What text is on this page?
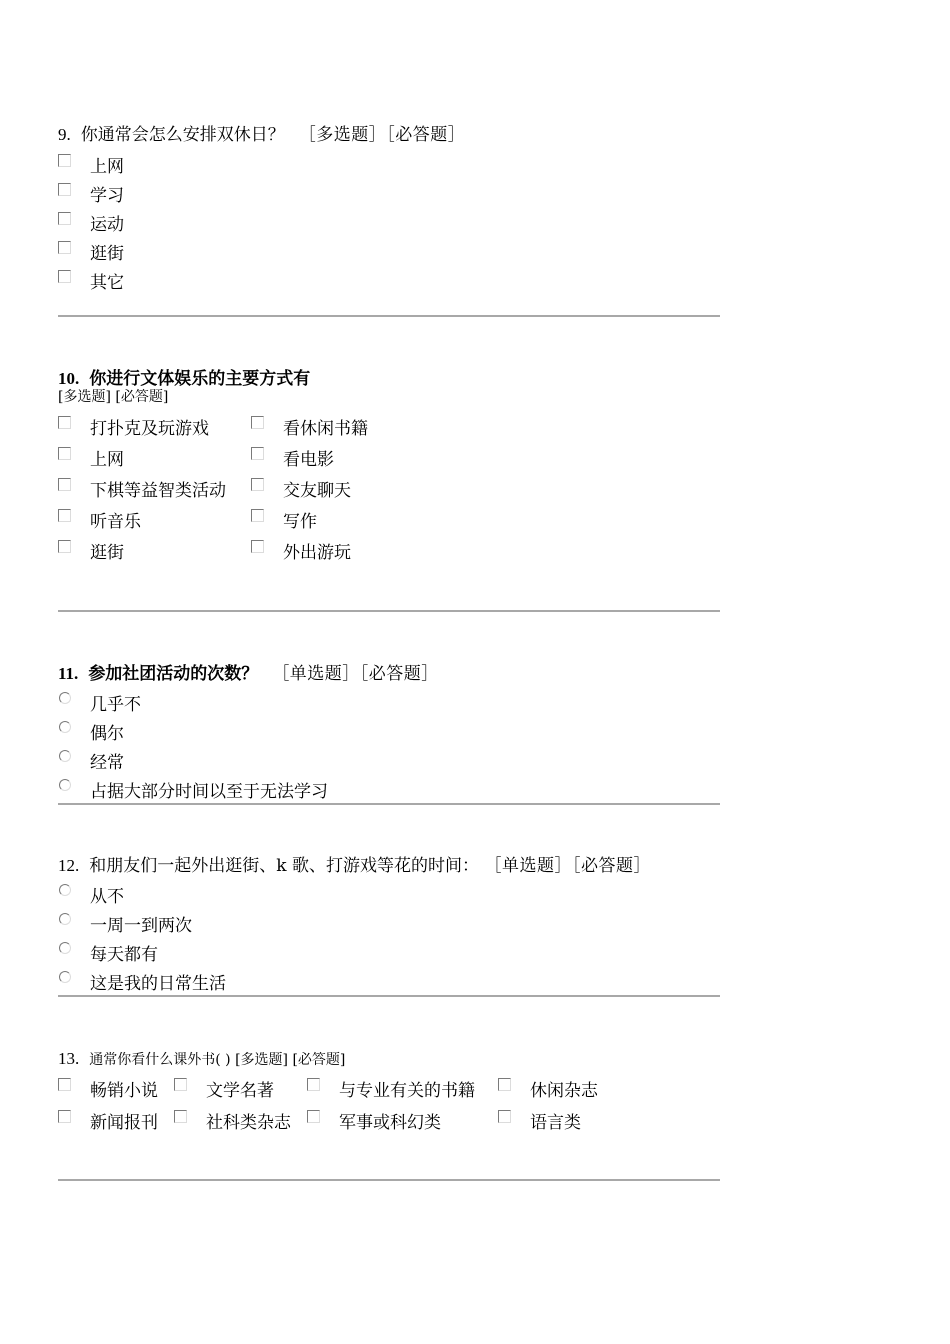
9. 你通常会怎么安排双休日？ ［多选题］［必答题］
上网
学习
运动
逛街
其它
10. 你进行文体娱乐的主要方式有
[多选题] [必答题]
打扑克及玩游戏	看休闲书籍
上网	看电影
下棋等益智类活动	交友聊天
听音乐	写作
逛街	外出游玩
11. 参加社团活动的次数？ ［单选题］［必答题］
几乎不
偶尔
经常
占据大部分时间以至于无法学习
12. 和朋友们一起外出逛街、k 歌、打游戏等花的时间： ［单选题］［必答题］
从不
一周一到两次
每天都有
这是我的日常生活
13. 通常你看什么课外书( ) [多选题] [必答题]
畅销小说	文学名著	与专业有关的书籍	休闲杂志
新闻报刊	社科类杂志	军事或科幻类	语言类
